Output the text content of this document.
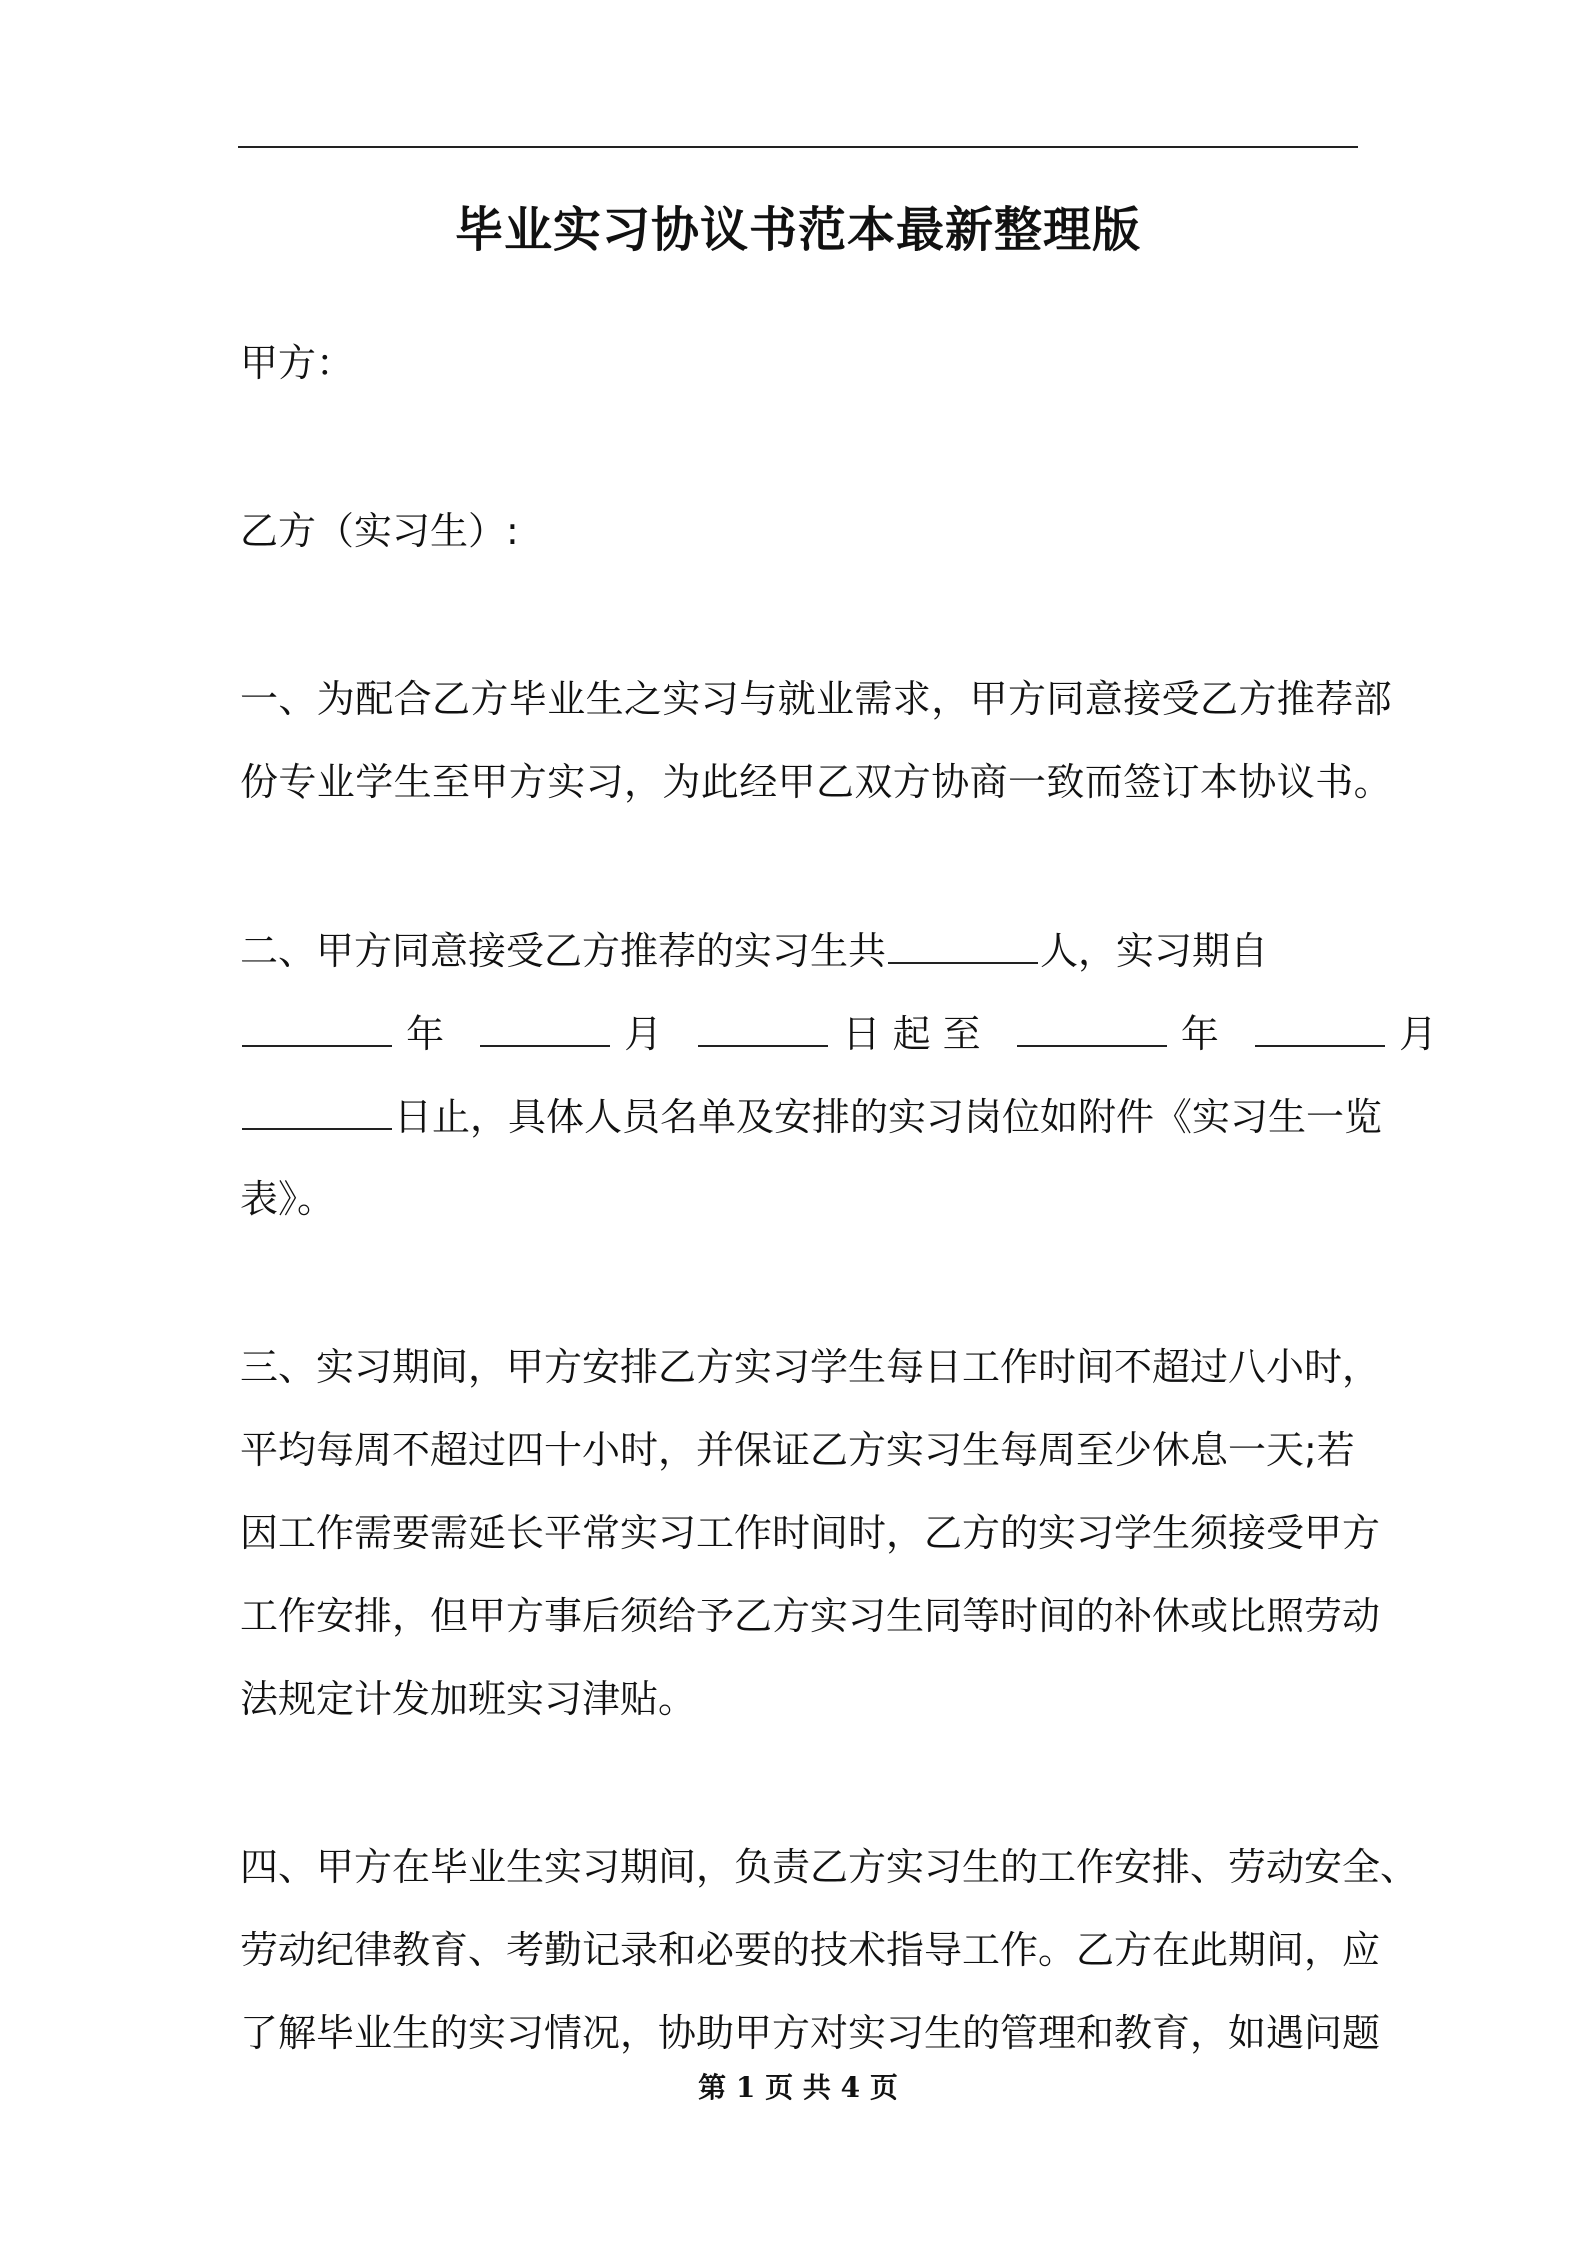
毕业实习协议书范本最新整理版
甲方：
乙方（实习生）:
一、为配合乙方毕业生之实习与就业需求，甲方同意接受乙方推荐部
份专业学生至甲方实习，为此经甲乙双方协商一致而签订本协议书。
二、甲方同意接受乙方推荐的实习生共	人，实习期自
年	月	日 起 至	年	月
日止，具体人员名单及安排的实习岗位如附件《实习生一览
表》。
三、实习期间，甲方安排乙方实习学生每日工作时间不超过八小时，
平均每周不超过四十小时，并保证乙方实习生每周至少休息一天;若
因工作需要需延长平常实习工作时间时，乙方的实习学生须接受甲方
工作安排，但甲方事后须给予乙方实习生同等时间的补休或比照劳动
法规定计发加班实习津贴。
四、甲方在毕业生实习期间，负责乙方实习生的工作安排、劳动安全、
劳动纪律教育、考勤记录和必要的技术指导工作。乙方在此期间，应
了解毕业生的实习情况，协助甲方对实习生的管理和教育，如遇问题
第 1 页 共 4 页
